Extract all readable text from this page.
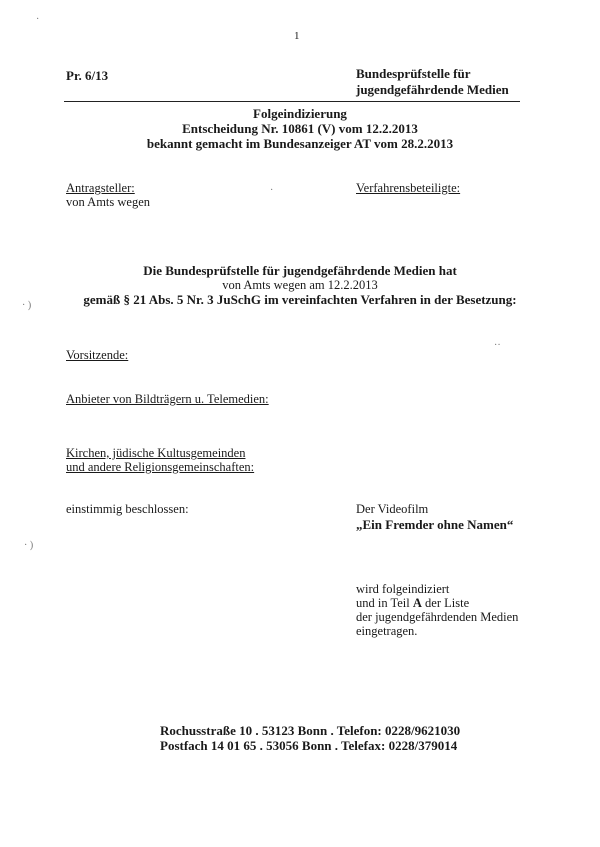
1
Pr. 6/13	Bundesprüfstelle für
jugendgefährdende Medien
Folgeindizierung
Entscheidung Nr. 10861 (V) vom 12.2.2013
bekannt gemacht im Bundesanzeiger AT vom 28.2.2013
Antragsteller:
von Amts wegen
Verfahrensbeteiligte:
Die Bundesprüfstelle für jugendgefährdende Medien hat
von Amts wegen am 12.2.2013
gemäß § 21 Abs. 5 Nr. 3 JuSchG im vereinfachten Verfahren in der Besetzung:
Vorsitzende:
Anbieter von Bildträgern u. Telemedien:
Kirchen, jüdische Kultusgemeinden
und andere Religionsgemeinschaften:
einstimmig beschlossen:	Der Videofilm
„Ein Fremder ohne Namen“
wird folgeindiziert
und in Teil A der Liste
der jugendgefährdenden Medien
eingetragen.
Rochusstraße 10 . 53123 Bonn . Telefon: 0228/9621030
Postfach 14 01 65 . 53056 Bonn . Telefax: 0228/379014
·
· )
· )
··
·
